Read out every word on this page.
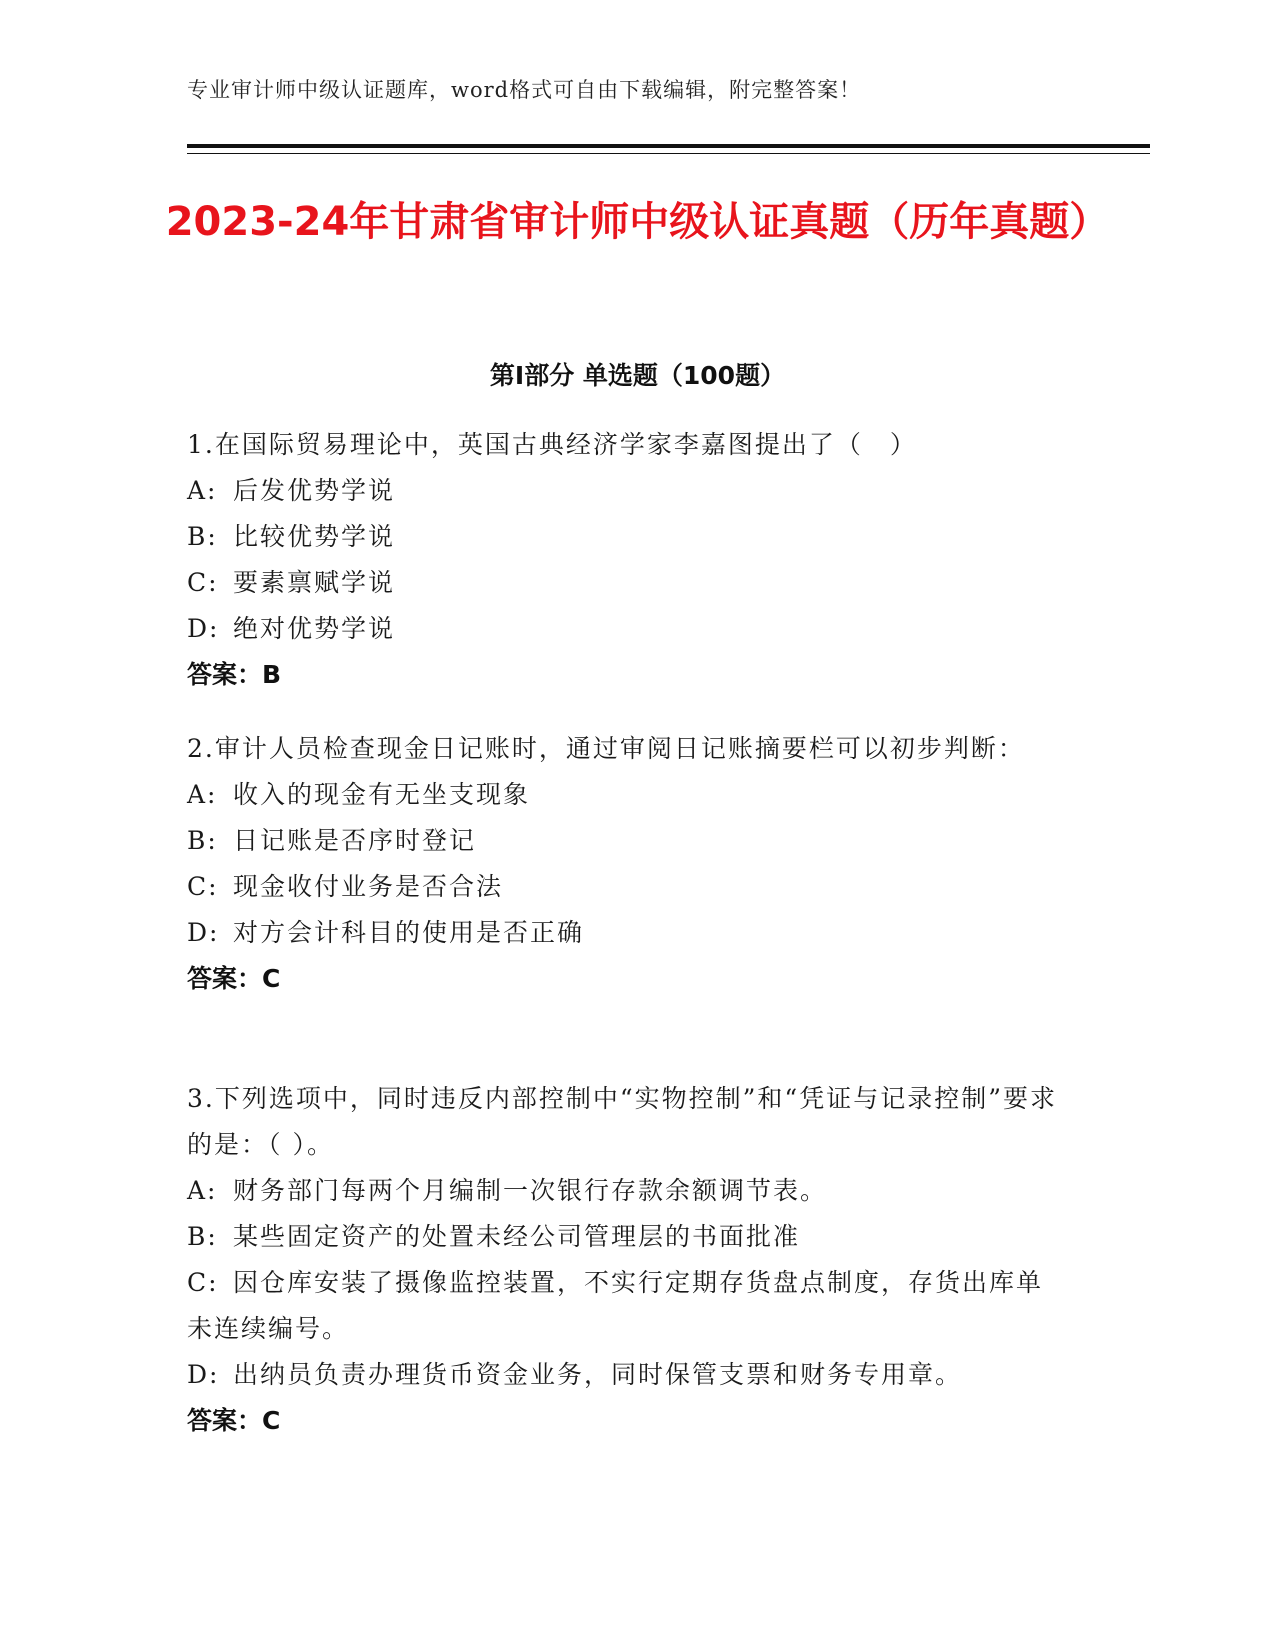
专业审计师中级认证题库，word格式可自由下载编辑，附完整答案！
2023-24年甘肃省审计师中级认证真题（历年真题）
第Ⅰ部分 单选题（100题）
1.在国际贸易理论中，英国古典经济学家李嘉图提出了（　）
A: 后发优势学说
B: 比较优势学说
C: 要素禀赋学说
D: 绝对优势学说
答案：B
2.审计人员检查现金日记账时，通过审阅日记账摘要栏可以初步判断：
A: 收入的现金有无坐支现象
B: 日记账是否序时登记
C: 现金收付业务是否合法
D: 对方会计科目的使用是否正确
答案：C
3.下列选项中，同时违反内部控制中“实物控制”和“凭证与记录控制”要求的是：（ ）。
A: 财务部门每两个月编制一次银行存款余额调节表。
B: 某些固定资产的处置未经公司管理层的书面批准
C: 因仓库安装了摄像监控装置，不实行定期存货盘点制度，存货出库单未连续编号。
D: 出纳员负责办理货币资金业务，同时保管支票和财务专用章。
答案：C
